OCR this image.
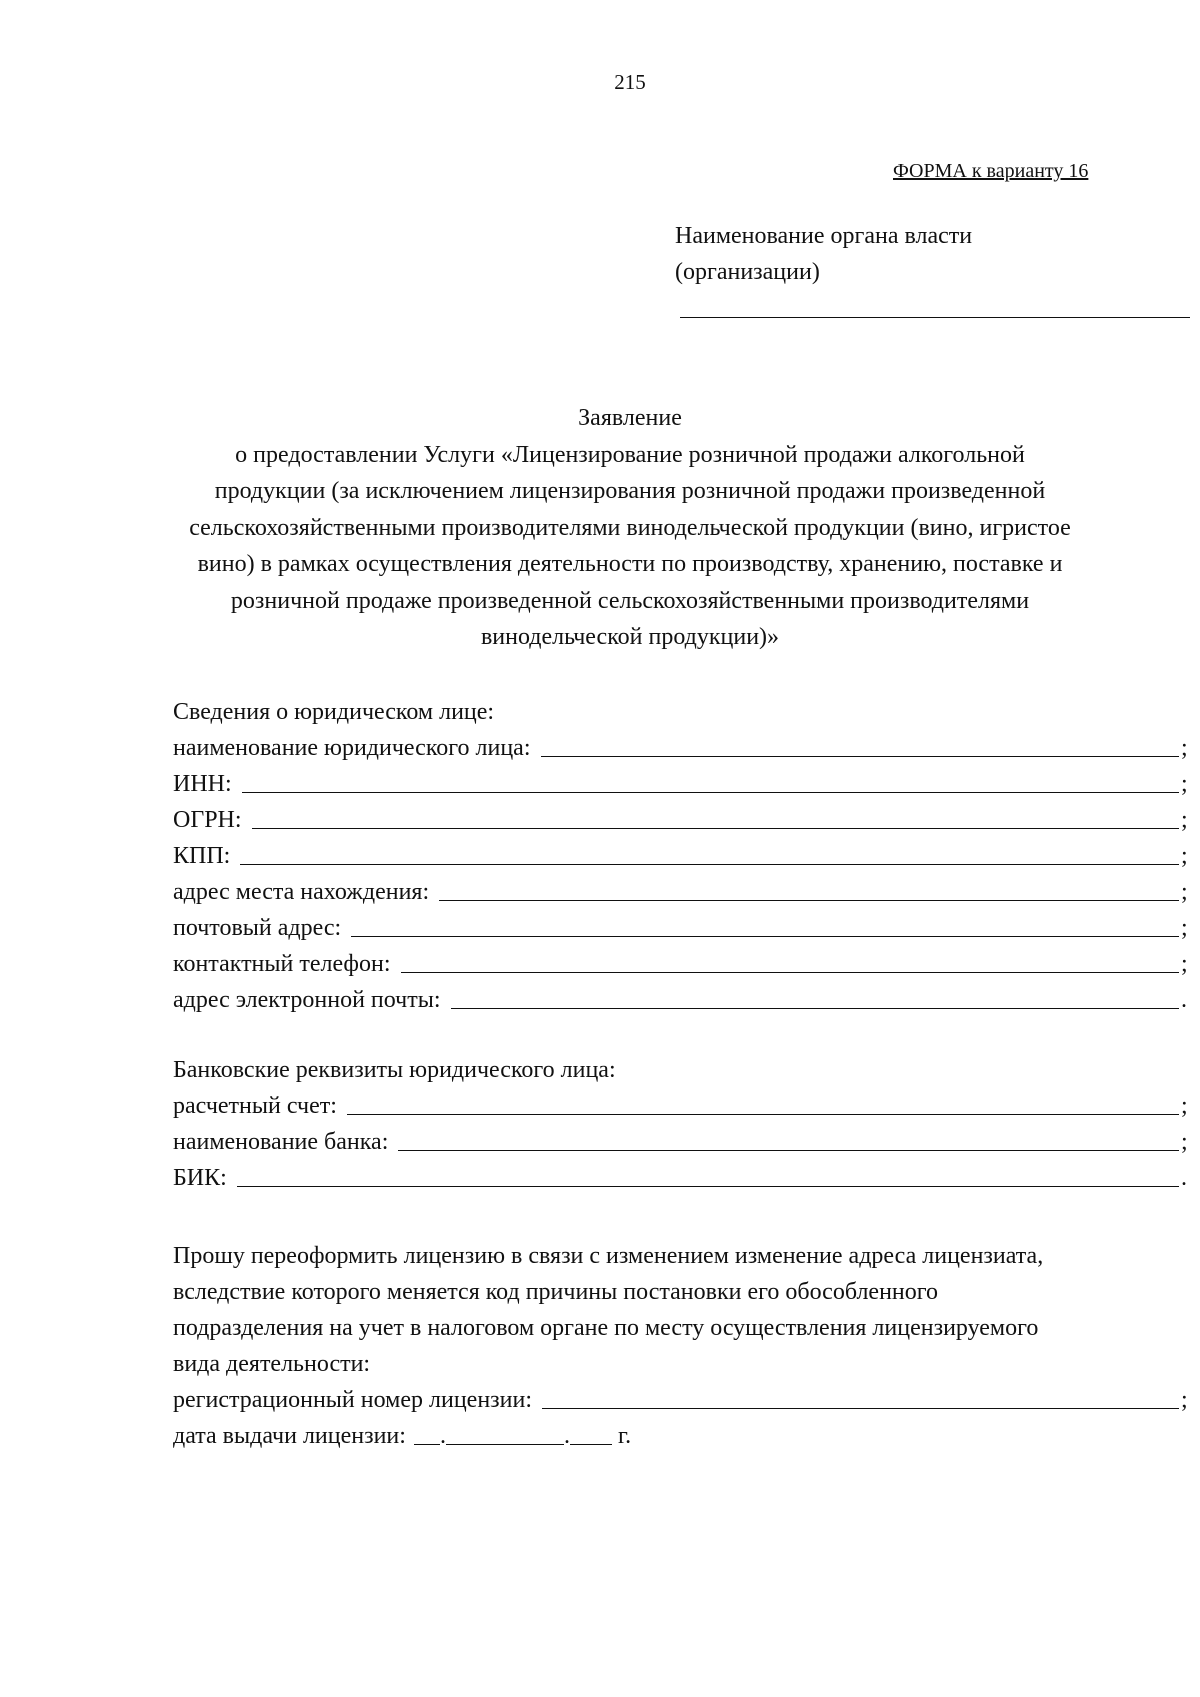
215
ФОРМА к варианту 16
Наименование органа власти
(организации)
Заявление
о предоставлении Услуги «Лицензирование розничной продажи алкогольной
продукции (за исключением лицензирования розничной продажи произведенной
сельскохозяйственными производителями винодельческой продукции (вино, игристое
вино) в рамках осуществления деятельности по производству, хранению, поставке и
розничной продаже произведенной сельскохозяйственными производителями
винодельческой продукции)»
Сведения о юридическом лице:
наименование юридического лица:	;
ИНН:	;
ОГРН:	;
КПП:	;
адрес места нахождения:	;
почтовый адрес:	;
контактный телефон:	;
адрес электронной почты:	.
Банковские реквизиты юридического лица:
расчетный счет:	;
наименование банка:	;
БИК:	.
Прошу переоформить лицензию в связи с изменением изменение адреса лицензиата,
вследствие которого меняется код причины постановки его обособленного
подразделения на учет в налоговом органе по месту осуществления лицензируемого
вида деятельности:
регистрационный номер лицензии:	;
дата выдачи лицензии:	.	. г.
